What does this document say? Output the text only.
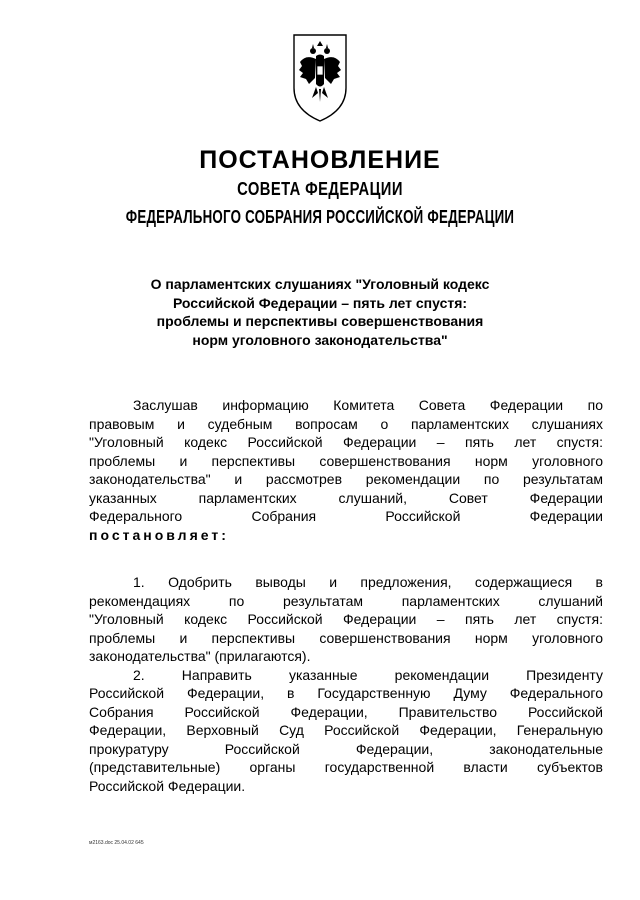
ПОСТАНОВЛЕНИЕ
СОВЕТА ФЕДЕРАЦИИ
ФЕДЕРАЛЬНОГО СОБРАНИЯ РОССИЙСКОЙ ФЕДЕРАЦИИ
О парламентских слушаниях "Уголовный кодекс
Российской Федерации – пять лет спустя:
проблемы и перспективы совершенствования
норм уголовного законодательства"
Заслушав информацию Комитета Совета Федерации по
правовым и судебным вопросам о парламентских слушаниях
"Уголовный кодекс Российской Федерации – пять лет спустя:
проблемы и перспективы совершенствования норм уголовного
законодательства" и рассмотрев рекомендации по результатам
указанных парламентских слушаний, Совет Федерации
Федерального Собрания Российской Федерации
постановляет:
1. Одобрить выводы и предложения, содержащиеся в
рекомендациях по результатам парламентских слушаний
"Уголовный кодекс Российской Федерации – пять лет спустя:
проблемы и перспективы совершенствования норм уголовного
законодательства" (прилагаются).
2. Направить указанные рекомендации Президенту
Российской Федерации, в Государственную Думу Федерального
Собрания Российской Федерации, Правительство Российской
Федерации, Верховный Суд Российской Федерации, Генеральную
прокуратуру Российской Федерации, законодательные
(представительные) органы государственной власти субъектов
Российской Федерации.
м2163.doc 25.04.02 645
